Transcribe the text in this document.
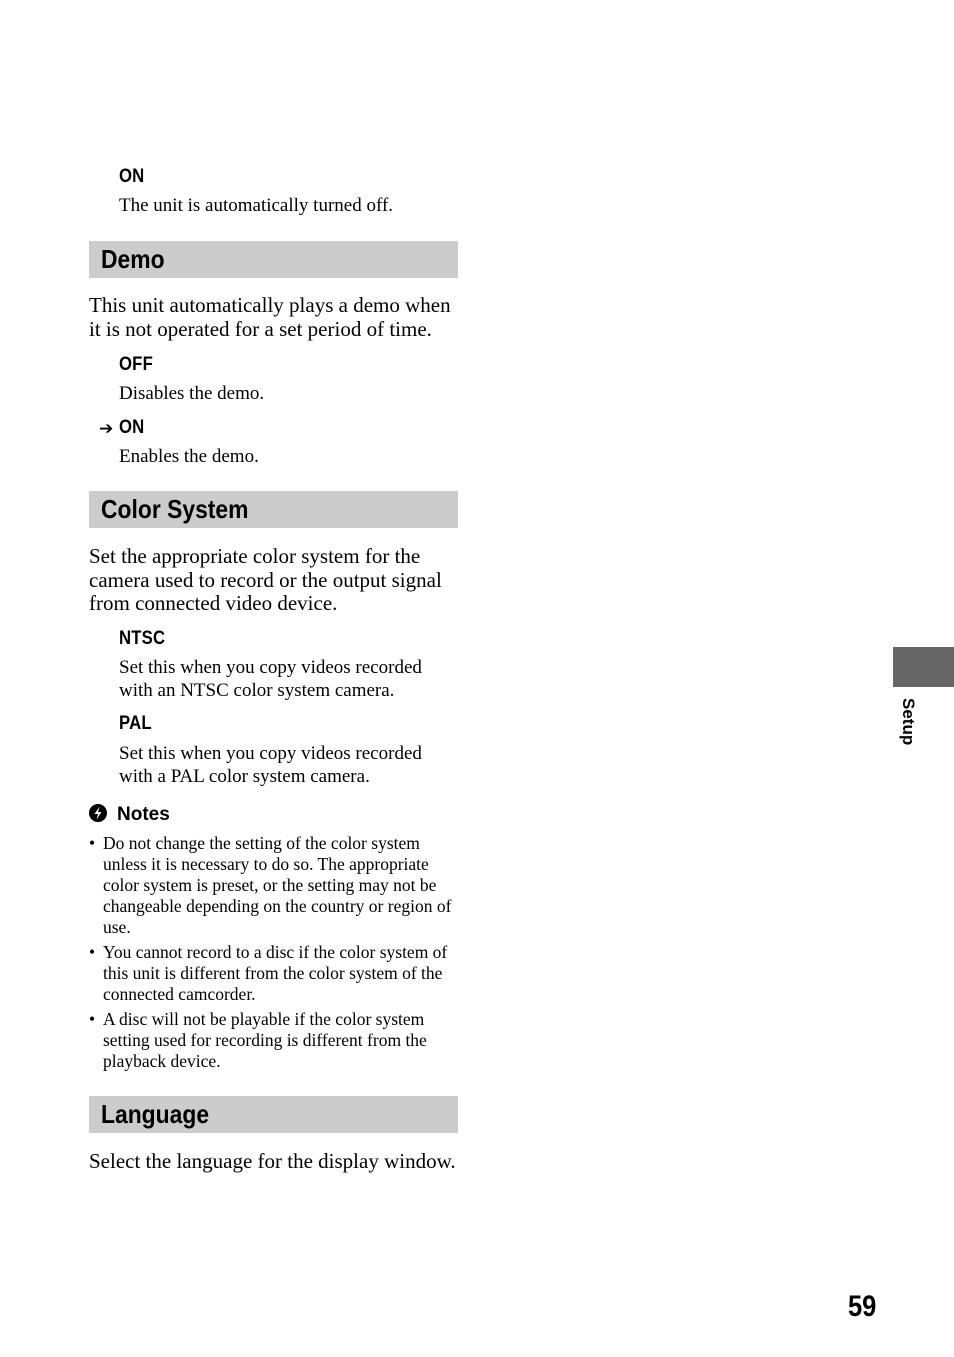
ON
The unit is automatically turned off.
Demo
This unit automatically plays a demo when it is not operated for a set period of time.
OFF
Disables the demo.
➔ ON
Enables the demo.
Color System
Set the appropriate color system for the camera used to record or the output signal from connected video device.
NTSC
Set this when you copy videos recorded
with an NTSC color system camera.
PAL
Set this when you copy videos recorded
with a PAL color system camera.
Notes
• Do not change the setting of the color system unless it is necessary to do so. The appropriate color system is preset, or the setting may not be changeable depending on the country or region of use.
• You cannot record to a disc if the color system of this unit is different from the color system of the connected camcorder.
• A disc will not be playable if the color system setting used for recording is different from the playback device.
Language
Select the language for the display window.
Setup
59
